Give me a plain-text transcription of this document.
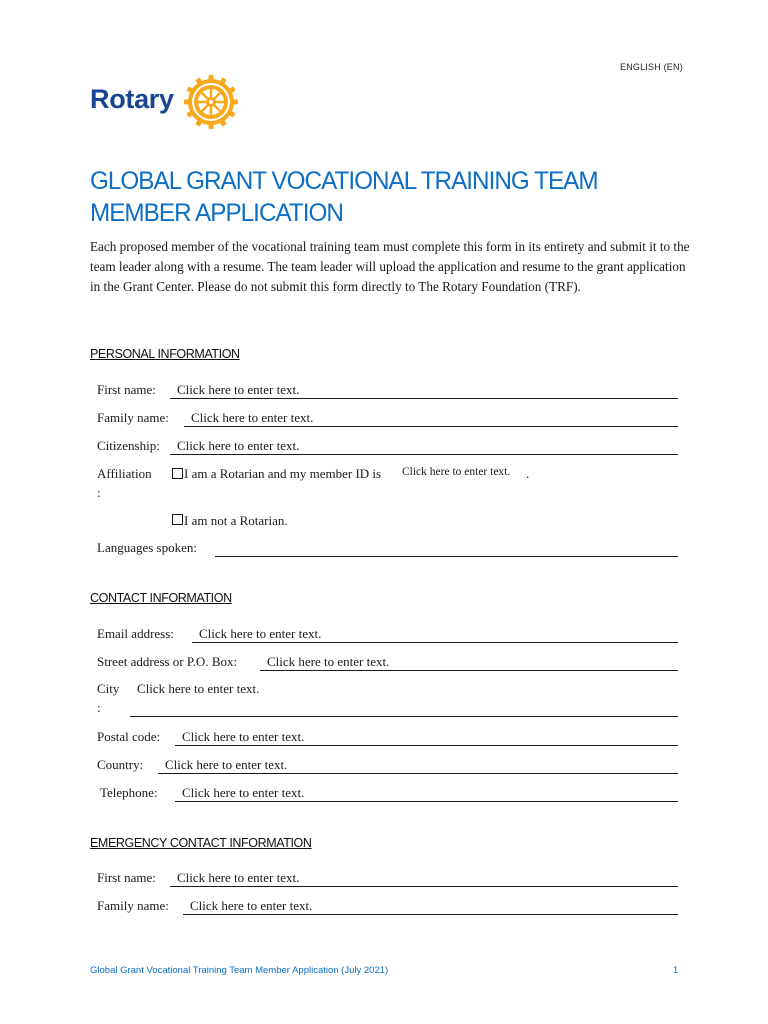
ENGLISH (EN)
Rotary
GLOBAL GRANT VOCATIONAL TRAINING TEAM
MEMBER APPLICATION
Each proposed member of the vocational training team must complete this form in its entirety and submit it to the team leader along with a resume. The team leader will upload the application and resume to the grant application in the Grant Center. Please do not submit this form directly to The Rotary Foundation (TRF).
PERSONAL INFORMATION
First name: Click here to enter text.
Family name: Click here to enter text.
Citizenship: Click here to enter text.
Affiliation
:
I am a Rotarian and my member ID is Click here to enter text. .
I am not a Rotarian.
Languages spoken:
CONTACT INFORMATION
Email address: Click here to enter text.
Street address or P.O. Box: Click here to enter text.
City
:
Click here to enter text.
Postal code: Click here to enter text.
Country: Click here to enter text.
Telephone: Click here to enter text.
EMERGENCY CONTACT INFORMATION
First name: Click here to enter text.
Family name: Click here to enter text.
Global Grant Vocational Training Team Member Application (July 2021)	1
